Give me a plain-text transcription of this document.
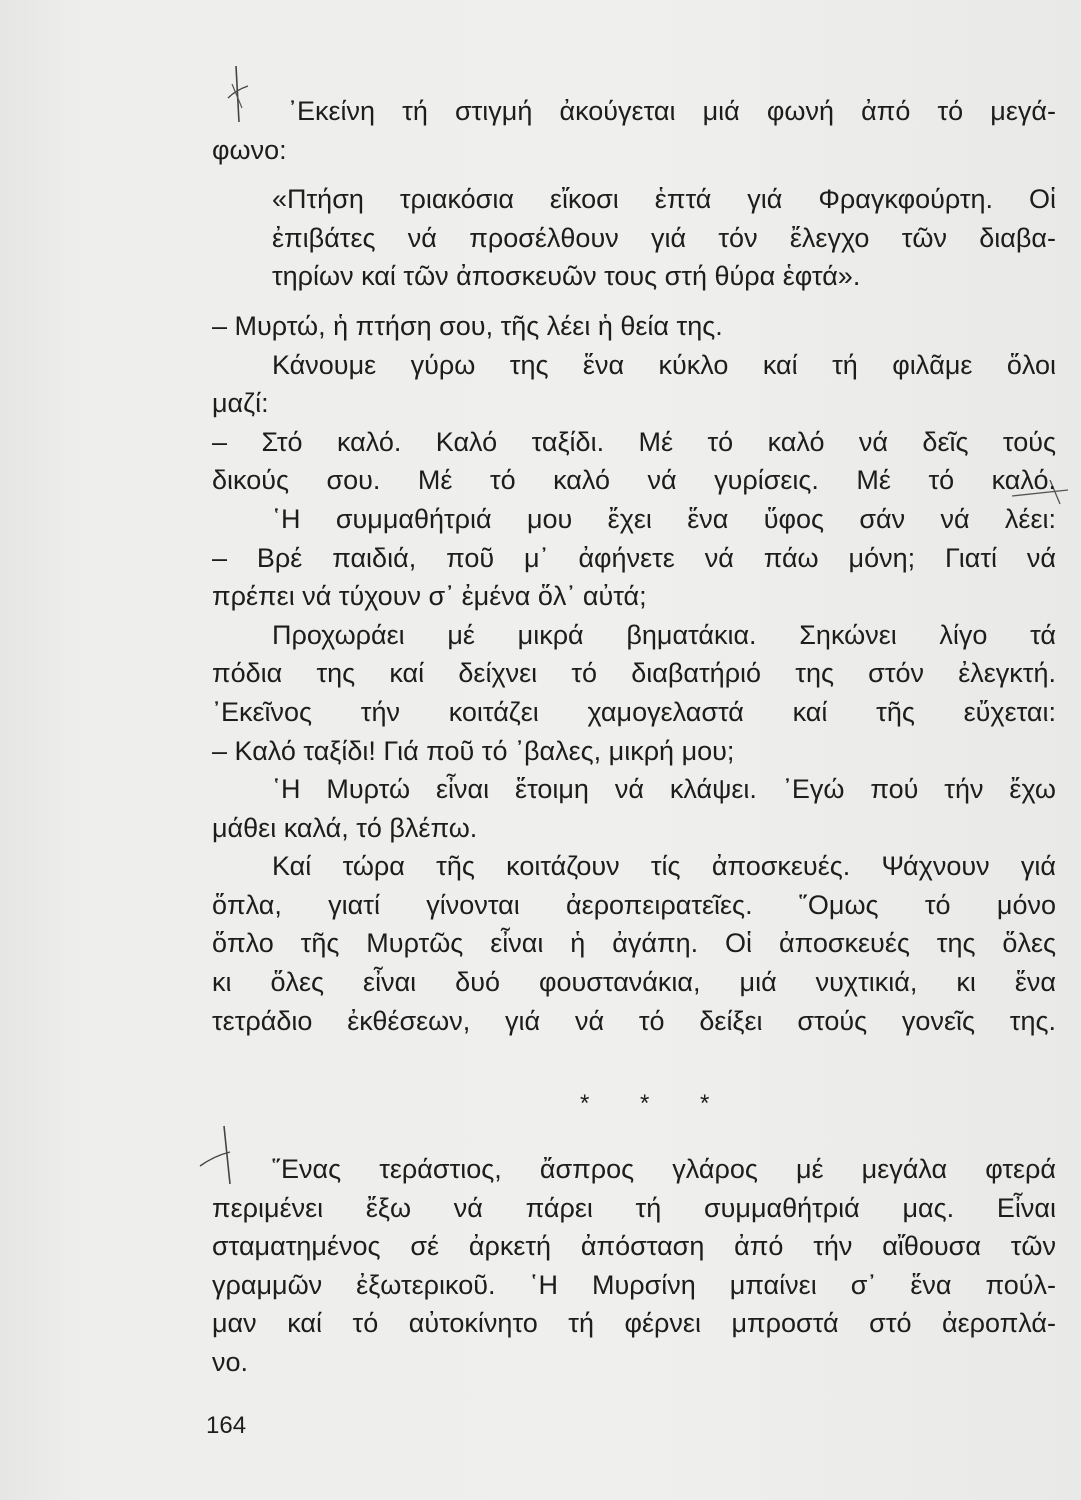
᾿Εκείνη τή στιγμή ἀκούγεται μιά φωνή ἀπό τό μεγά-
φωνο:
«Πτήση τριακόσια εἴκοσι ἑπτά γιά Φραγκφούρτη. Οἱ
ἐπιβάτες νά προσέλθουν γιά τόν ἔλεγχο τῶν διαβα-
τηρίων καί τῶν ἀποσκευῶν τους στή θύρα ἑφτά».
– Μυρτώ, ἡ πτήση σου, τῆς λέει ἡ θεία της.
Κάνουμε γύρω της ἕνα κύκλο καί τή φιλᾶμε ὅλοι
μαζί:
– Στό καλό. Καλό ταξίδι. Μέ τό καλό νά δεῖς τούς
δικούς σου. Μέ τό καλό νά γυρίσεις. Μέ τό καλό.
῾Η συμμαθήτριά μου ἔχει ἕνα ὕφος σάν νά λέει:
– Βρέ παιδιά, ποῦ μ᾿ ἀφήνετε νά πάω μόνη; Γιατί νά
πρέπει νά τύχουν σ᾿ ἐμένα ὅλ᾿ αὐτά;
Προχωράει μέ μικρά βηματάκια. Σηκώνει λίγο τά
πόδια της καί δείχνει τό διαβατήριό της στόν ἐλεγκτή.
᾿Εκεῖνος τήν κοιτάζει χαμογελαστά καί τῆς εὔχεται:
– Καλό ταξίδι! Γιά ποῦ τό ᾿βαλες, μικρή μου;
῾Η Μυρτώ εἶναι ἕτοιμη νά κλάψει. ᾿Εγώ πού τήν ἔχω
μάθει καλά, τό βλέπω.
Καί τώρα τῆς κοιτάζουν τίς ἀποσκευές. Ψάχνουν γιά
ὅπλα, γιατί γίνονται ἀεροπειρατεῖες. ῞Ομως τό μόνο
ὅπλο τῆς Μυρτῶς εἶναι ἡ ἀγάπη. Οἱ ἀποσκευές της ὅλες
κι ὅλες εἶναι δυό φουστανάκια, μιά νυχτικιά, κι ἕνα
τετράδιο ἐκθέσεων, γιά νά τό δείξει στούς γονεῖς της.
* * *
῞Ενας τεράστιος, ἄσπρος γλάρος μέ μεγάλα φτερά
περιμένει ἔξω νά πάρει τή συμμαθήτριά μας. Εἶναι
σταματημένος σέ ἀρκετή ἀπόσταση ἀπό τήν αἴθουσα τῶν
γραμμῶν ἐξωτερικοῦ. ῾Η Μυρσίνη μπαίνει σ᾿ ἕνα πούλ-
μαν καί τό αὐτοκίνητο τή φέρνει μπροστά στό ἀεροπλά-
νο.
164
